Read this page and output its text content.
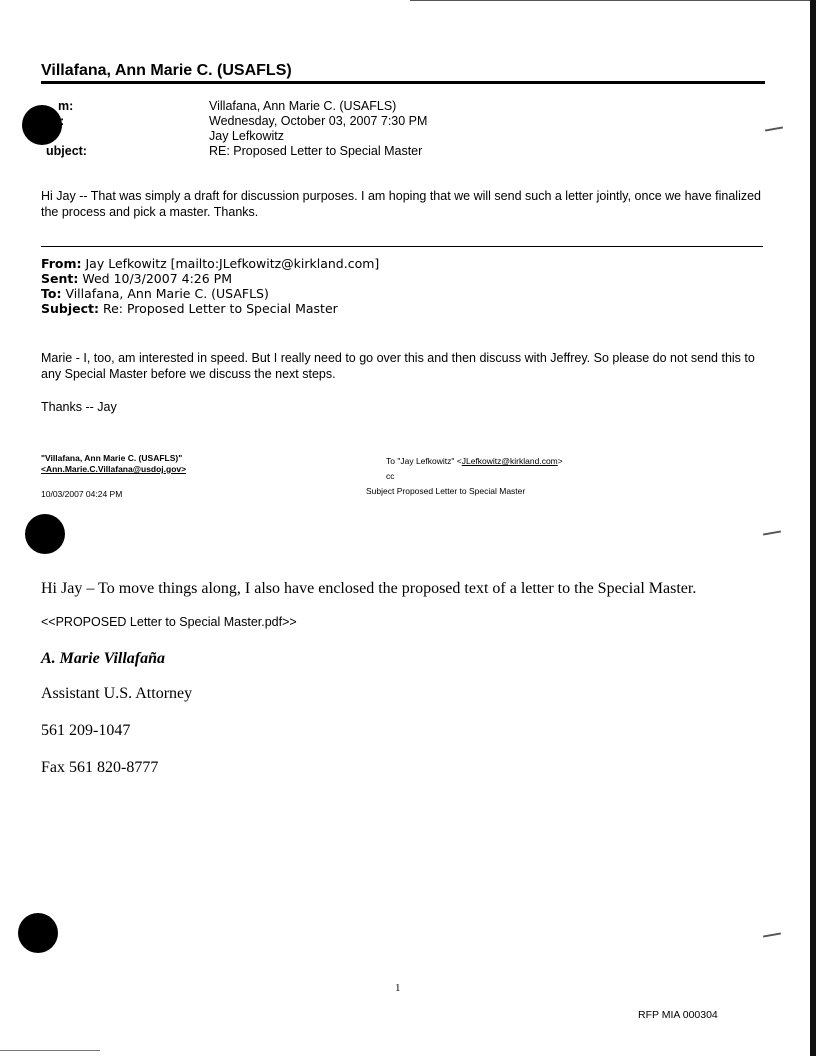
Villafana, Ann Marie C. (USAFLS)
m:	Villafana, Ann Marie C. (USAFLS)
:	Wednesday, October 03, 2007 7:30 PM
Jay Lefkowitz
ubject:	RE: Proposed Letter to Special Master
Hi Jay -- That was simply a draft for discussion purposes. I am hoping that we will send such a letter jointly, once we have finalized the process and pick a master. Thanks.
From: Jay Lefkowitz [mailto:JLefkowitz@kirkland.com]
Sent: Wed 10/3/2007 4:26 PM
To: Villafana, Ann Marie C. (USAFLS)
Subject: Re: Proposed Letter to Special Master
Marie - I, too, am interested in speed. But I really need to go over this and then discuss with Jeffrey. So please do not send this to any Special Master before we discuss the next steps.
Thanks -- Jay
"Villafana, Ann Marie C. (USAFLS)"
<Ann.Marie.C.Villafana@usdoj.gov>
10/03/2007 04:24 PM
To "Jay Lefkowitz" <JLefkowitz@kirkland.com>
cc
Subject Proposed Letter to Special Master
Hi Jay – To move things along, I also have enclosed the proposed text of a letter to the Special Master.
<<PROPOSED Letter to Special Master.pdf>>
A. Marie Villafaña
Assistant U.S. Attorney
561 209-1047
Fax 561 820-8777
1
RFP MIA 000304
